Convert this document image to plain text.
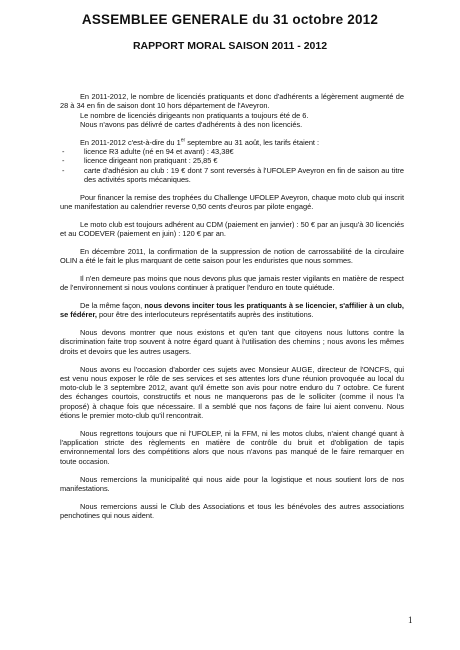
ASSEMBLEE GENERALE du 31 octobre 2012
RAPPORT MORAL SAISON 2011 - 2012

En 2011-2012, le nombre de licenciés pratiquants et donc d'adhérents a légèrement augmenté de 28 à 34 en fin de saison dont 10 hors département de l'Aveyron.

Le nombre de licenciés dirigeants non pratiquants a toujours été de 6.

Nous n'avons pas délivré de cartes d'adhérents à des non licenciés.

En 2011-2012 c'est-à-dire du 1er septembre au 31 août, les tarifs étaient :

-	licence R3 adulte (né en 94 et avant) : 43,38€
-	licence dirigeant non pratiquant : 25,85 €
-	carte d'adhésion au club : 19 € dont 7 sont reversés à l'UFOLEP Aveyron en fin de saison au titre des activités sports mécaniques.

Pour financer la remise des trophées du Challenge UFOLEP Aveyron, chaque moto club qui inscrit une manifestation au calendrier reverse 0,50 cents d'euros par pilote engagé.

Le moto club est toujours adhérent au CDM (paiement en janvier) : 50 € par an jusqu'à 30 licenciés et au CODEVER (paiement en juin) : 120 € par an.

En décembre 2011, la confirmation de la suppression de notion de carrossabilité de la circulaire OLIN a été le fait le plus marquant de cette saison pour les enduristes que nous sommes.

Il n'en demeure pas moins que nous devons plus que jamais rester vigilants en matière de respect de l'environnement si nous voulons continuer à pratiquer l'enduro en toute quiétude.

De la même façon, nous devons inciter tous les pratiquants à se licencier, s'affilier à un club, se fédérer, pour être des interlocuteurs représentatifs auprès des institutions.

Nous devons montrer que nous existons et qu'en tant que citoyens nous luttons contre la discrimination faite trop souvent à notre égard quant à l'utilisation des chemins ; nous avons les mêmes droits et devoirs que les autres usagers.

Nous avons eu l'occasion d'aborder ces sujets avec Monsieur AUGE, directeur de l'ONCFS, qui est venu nous exposer le rôle de ses services et ses attentes lors d'une réunion provoquée au local du moto-club le 3 septembre 2012, avant qu'il émette son avis pour notre enduro du 7 octobre. Ce furent des échanges courtois, constructifs et nous ne manquerons pas de le solliciter (comme il nous l'a proposé) à chaque fois que nécessaire. Il a semblé que nos façons de faire lui aient convenu. Nous étions le premier moto-club qu'il rencontrait.

Nous regrettons toujours que ni l'UFOLEP, ni la FFM, ni les motos clubs, n'aient changé quant à l'application stricte des règlements en matière de contrôle du bruit et d'obligation de tapis environnemental lors des compétitions alors que nous n'avons pas manqué de le faire remarquer en toute occasion.

Nous remercions la municipalité qui nous aide pour la logistique et nous soutient lors de nos manifestations.

Nous remercions aussi le Club des Associations et tous les bénévoles des autres associations penchotines qui nous aident.

1
